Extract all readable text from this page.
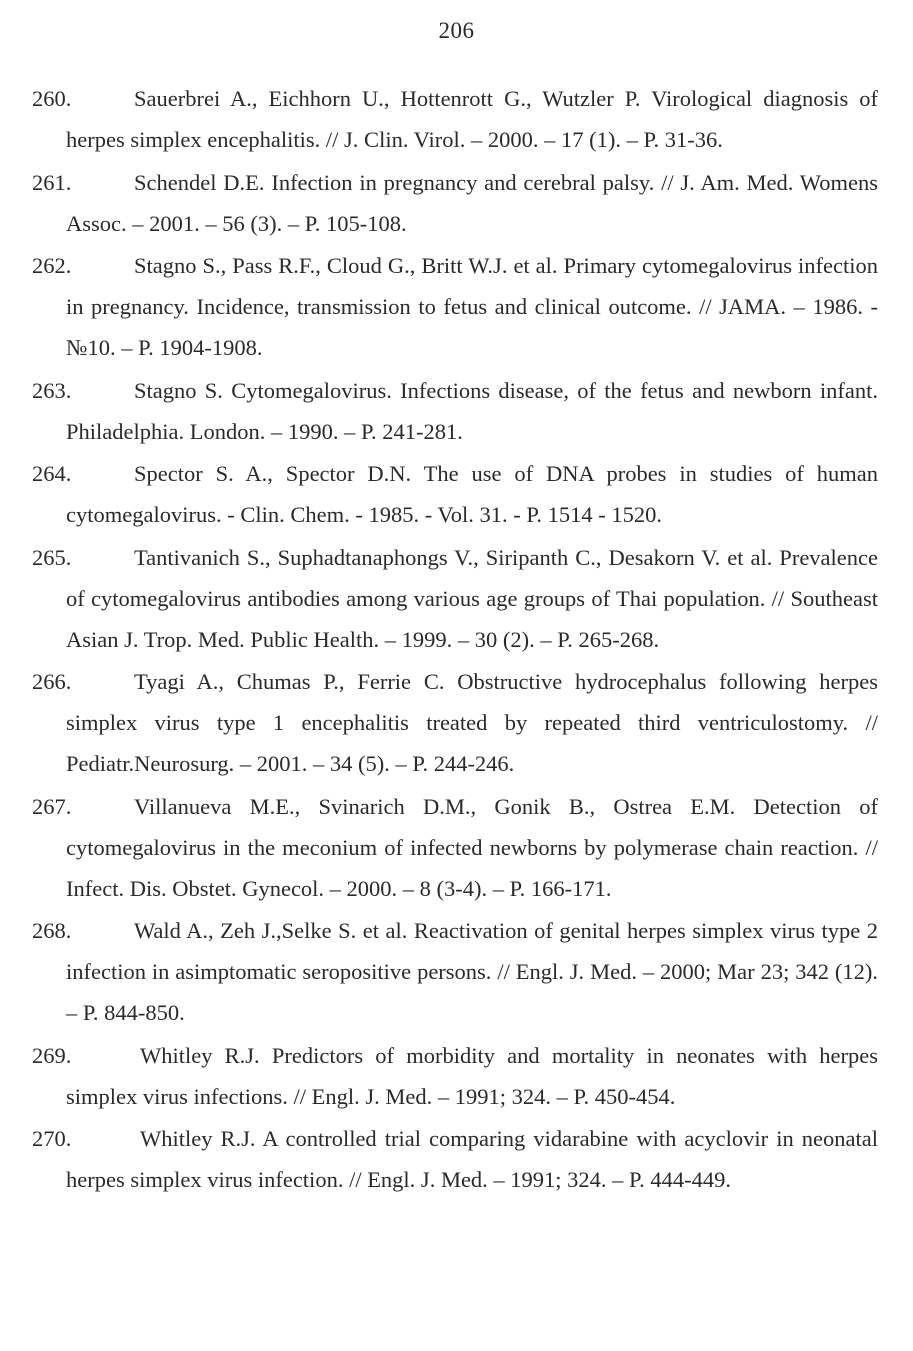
206
260.	Sauerbrei A., Eichhorn U., Hottenrott G., Wutzler P. Virological diagnosis of herpes simplex encephalitis. // J. Clin. Virol. – 2000. – 17 (1). – P. 31-36.
261.	Schendel D.E. Infection in pregnancy and cerebral palsy. // J. Am. Med. Womens Assoc. – 2001. – 56 (3). – P. 105-108.
262.	Stagno S., Pass R.F., Cloud G., Britt W.J. et al. Primary cytomegalovirus infection in pregnancy. Incidence, transmission to fetus and clinical outcome. // JAMA. – 1986. - №10. – P. 1904-1908.
263.	Stagno S. Cytomegalovirus. Infections disease, of the fetus and newborn infant. Philadelphia. London. – 1990. – P. 241-281.
264.	Spector S. A., Spector D.N. The use of DNA probes in studies of human cytomegalovirus. - Clin. Chem. - 1985. - Vol. 31. - P. 1514 - 1520.
265.	Tantivanich S., Suphadtanaphongs V., Siripanth C., Desakorn V. et al. Prevalence of cytomegalovirus antibodies among various age groups of Thai population. // Southeast Asian J. Trop. Med. Public Health. – 1999. – 30 (2). – P. 265-268.
266.	Tyagi A., Chumas P., Ferrie C. Obstructive hydrocephalus following herpes simplex virus type 1 encephalitis treated by repeated third ventriculostomy. // Pediatr.Neurosurg. – 2001. – 34 (5). – P. 244-246.
267.	Villanueva M.E., Svinarich D.M., Gonik B., Ostrea E.M. Detection of cytomegalovirus in the meconium of infected newborns by polymerase chain reaction. // Infect. Dis. Obstet. Gynecol. – 2000. – 8 (3-4). – P. 166-171.
268.	Wald A., Zeh J.,Selke S. et al. Reactivation of genital herpes simplex virus type 2 infection in asimptomatic seropositive persons. // Engl. J. Med. – 2000; Mar 23; 342 (12). – P. 844-850.
269.	Whitley R.J. Predictors of morbidity and mortality in neonates with herpes simplex virus infections. // Engl. J. Med. – 1991; 324. – P. 450-454.
270.	Whitley R.J. A controlled trial comparing vidarabine with acyclovir in neonatal herpes simplex virus infection. // Engl. J. Med. – 1991; 324. – P. 444-449.
